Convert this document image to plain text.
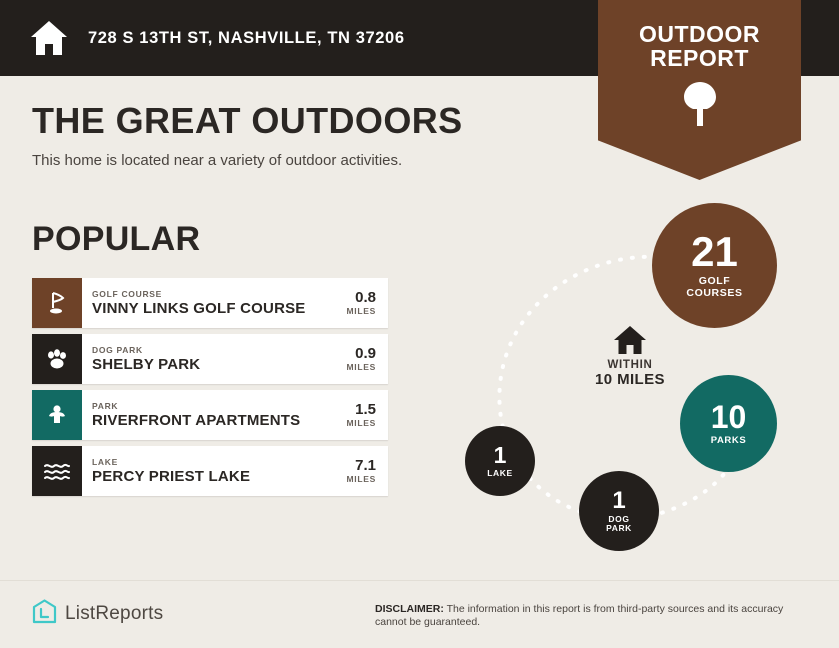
728 S 13TH ST, NASHVILLE, TN 37206	OUTDOOR
REPORT
THE GREAT OUTDOORS
This home is located near a variety of outdoor activities.
POPULAR
GOLF COURSE
VINNY LINKS GOLF COURSE
0.8
MILES
DOG PARK
SHELBY PARK
0.9
MILES
PARK
RIVERFRONT APARTMENTS
1.5
MILES
LAKE
PERCY PRIEST LAKE
7.1
MILES
21
GOLF
COURSES
10
PARKS
1
LAKE
1
DOG
PARK
WITHIN
10 MILES
ListReports	DISCLAIMER: The information in this report is from third-party sources and its accuracy cannot be guaranteed.
